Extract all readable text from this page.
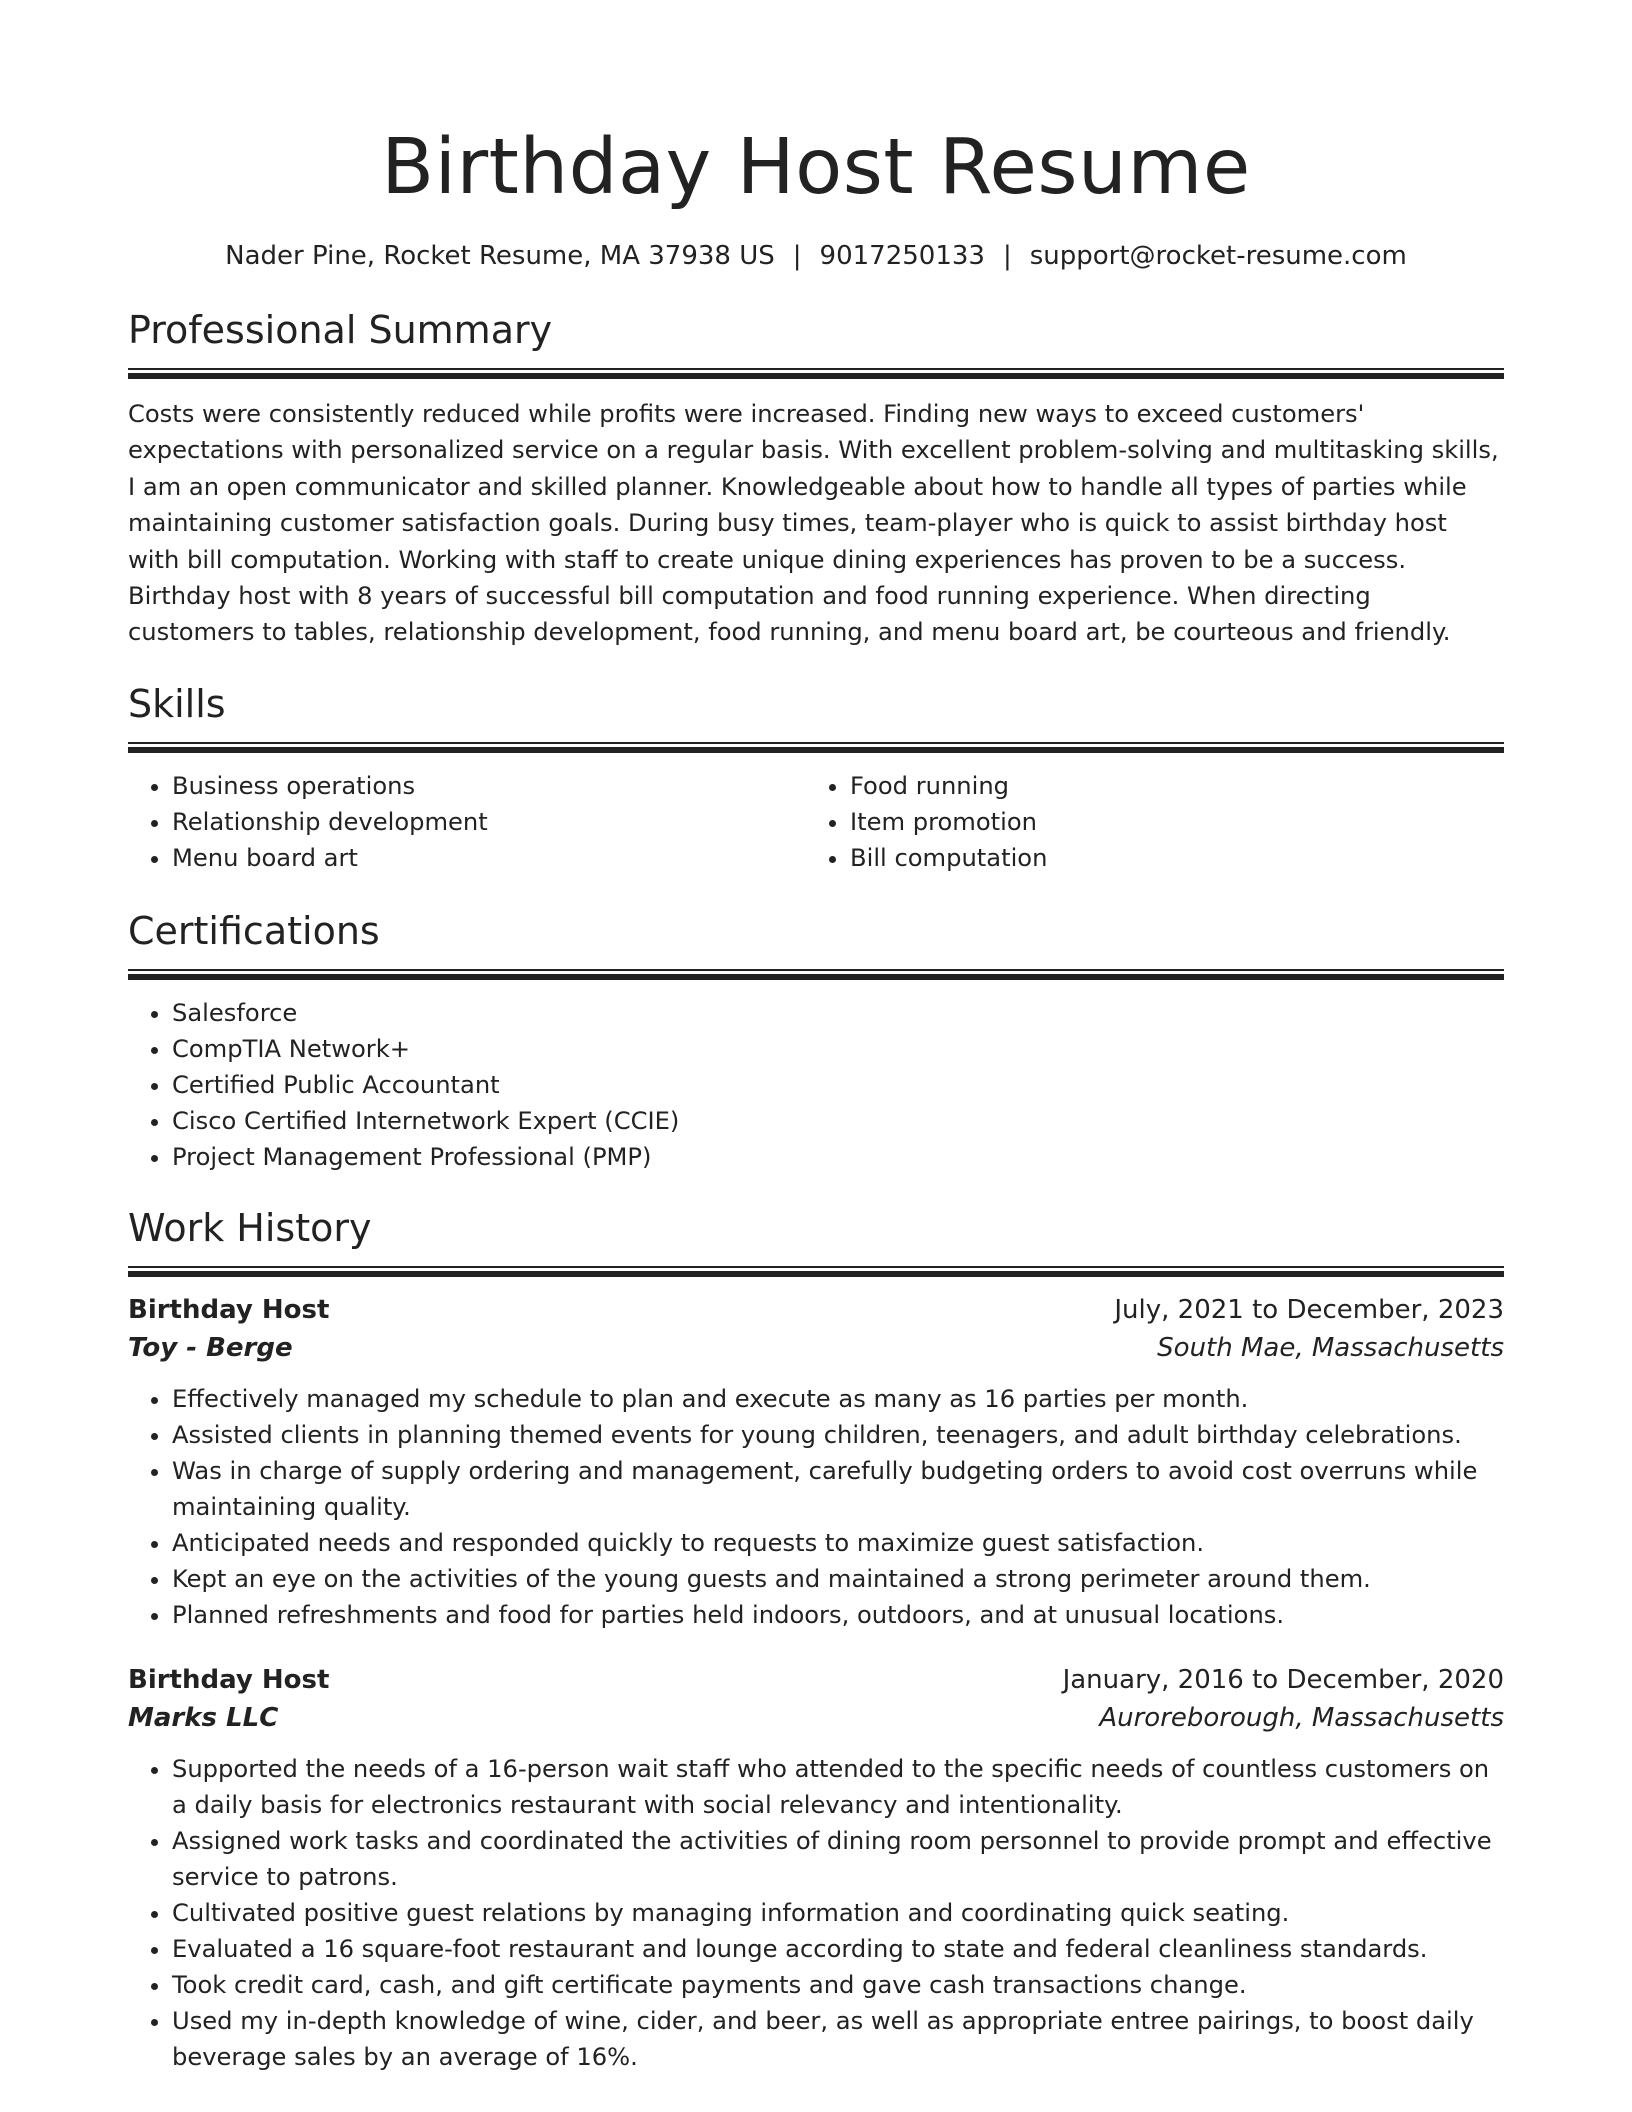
Birthday Host Resume
Nader Pine, Rocket Resume, MA 37938 US | 9017250133 | support@rocket-resume.com
Professional Summary

Costs were consistently reduced while profits were increased. Finding new ways to exceed customers' expectations with personalized service on a regular basis. With excellent problem-solving and multitasking skills, I am an open communicator and skilled planner. Knowledgeable about how to handle all types of parties while maintaining customer satisfaction goals. During busy times, team-player who is quick to assist birthday host with bill computation. Working with staff to create unique dining experiences has proven to be a success. Birthday host with 8 years of successful bill computation and food running experience. When directing customers to tables, relationship development, food running, and menu board art, be courteous and friendly.

Skills
• Business operations
• Relationship development
• Menu board art
• Food running
• Item promotion
• Bill computation
Certifications
• Salesforce
• CompTIA Network+
• Certified Public Accountant
• Cisco Certified Internetwork Expert (CCIE)
• Project Management Professional (PMP)
Work History
Birthday Host	July, 2021 to December, 2023
Toy - Berge	South Mae, Massachusetts
• Effectively managed my schedule to plan and execute as many as 16 parties per month.
• Assisted clients in planning themed events for young children, teenagers, and adult birthday celebrations.
• Was in charge of supply ordering and management, carefully budgeting orders to avoid cost overruns while maintaining quality.
• Anticipated needs and responded quickly to requests to maximize guest satisfaction.
• Kept an eye on the activities of the young guests and maintained a strong perimeter around them.
• Planned refreshments and food for parties held indoors, outdoors, and at unusual locations.
Birthday Host	January, 2016 to December, 2020
Marks LLC	Auroreborough, Massachusetts
• Supported the needs of a 16-person wait staff who attended to the specific needs of countless customers on a daily basis for electronics restaurant with social relevancy and intentionality.
• Assigned work tasks and coordinated the activities of dining room personnel to provide prompt and effective service to patrons.
• Cultivated positive guest relations by managing information and coordinating quick seating.
• Evaluated a 16 square-foot restaurant and lounge according to state and federal cleanliness standards.
• Took credit card, cash, and gift certificate payments and gave cash transactions change.
• Used my in-depth knowledge of wine, cider, and beer, as well as appropriate entree pairings, to boost daily beverage sales by an average of 16%.
